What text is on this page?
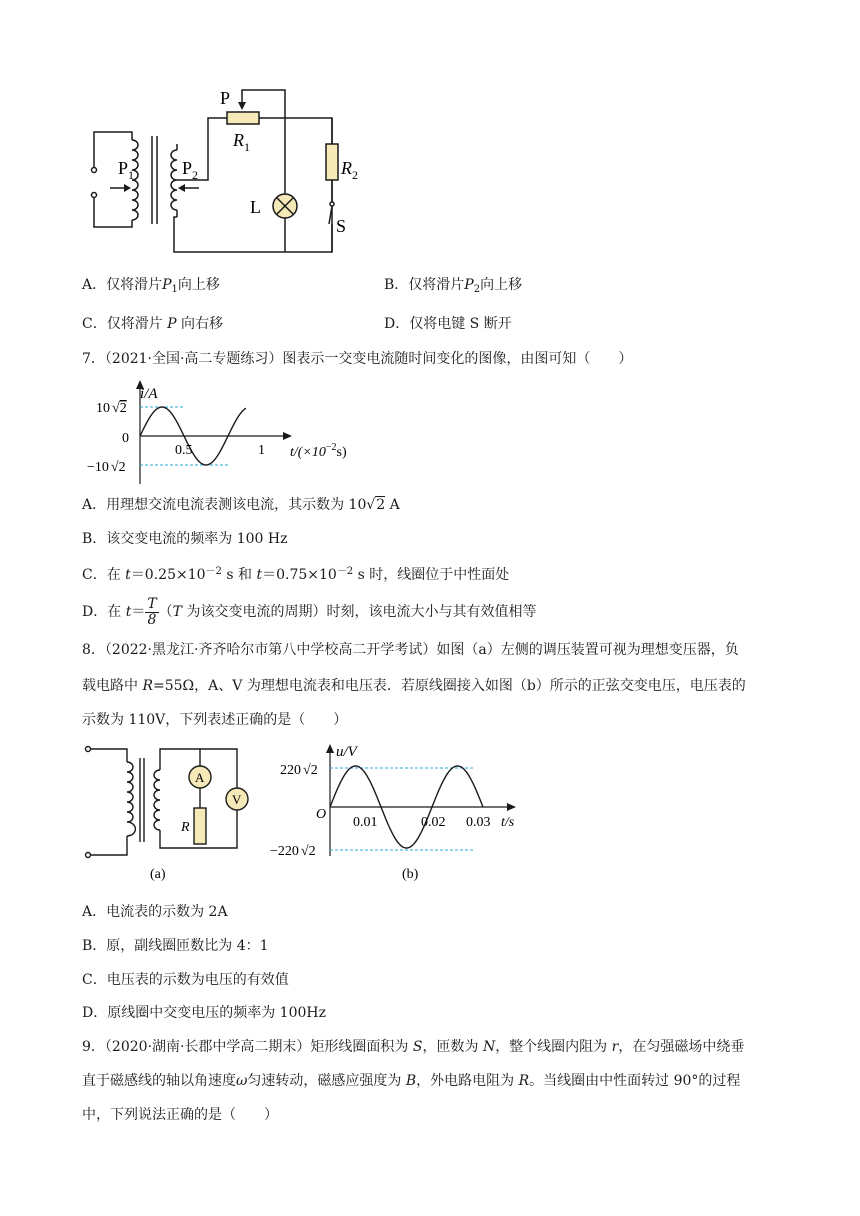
P
$R_1$
$R_2$
L
S
$P_1$	$P_2$
A．仅将滑片$P_1$向上移	B．仅将滑片$P_2$向上移
C．仅将滑片 P 向右移	D．仅将电键 S 断开
7．（2021·全国·高二专题练习）图表示一交变电流随时间变化的图像，由图可知（　　）
i/A
10 √2
0
−10 √2
0.5	1 $t/(\times 10^{-2}s)$
A．用理想交流电流表测该电流，其示数为 10√2 A
B．该交变电流的频率为 100 Hz
C．在 $t=0.25\times 10^{-2}$ s 和 $t=0.75\times 10^{-2}$ s 时，线圈位于中性面处
D．在 $t= \frac{T}{8} (T$ 为该交变电流的周期）时刻，该电流大小与其有效值相等
8．（2022·黑龙江·齐齐哈尔市第八中学校高二开学考试）如图（a）左侧的调压装置可视为理想变压器，负
载电路中 R=55Ω，A、V 为理想电流表和电压表．若原线圈接入如图（b）所示的正弦交变电压，电压表的
示数为 110V，下列表述正确的是（　　）
A
V
R
(a)
u/V
220 √2
O
−220 √2
0.01	0.02 0.03 t/s
(b)
A．电流表的示数为 2A
B．原，副线圈匝数比为 4：1
C．电压表的示数为电压的有效值
D．原线圈中交变电压的频率为 100Hz
9．（2020·湖南·长郡中学高二期末）矩形线圈面积为 S，匝数为 N，整个线圈内阻为 r，在匀强磁场中绕垂
直于磁感线的轴以角速度ω匀速转动，磁感应强度为 B，外电路电阻为 R。当线圈由中性面转过 90°的过程
中，下列说法正确的是（　　）
